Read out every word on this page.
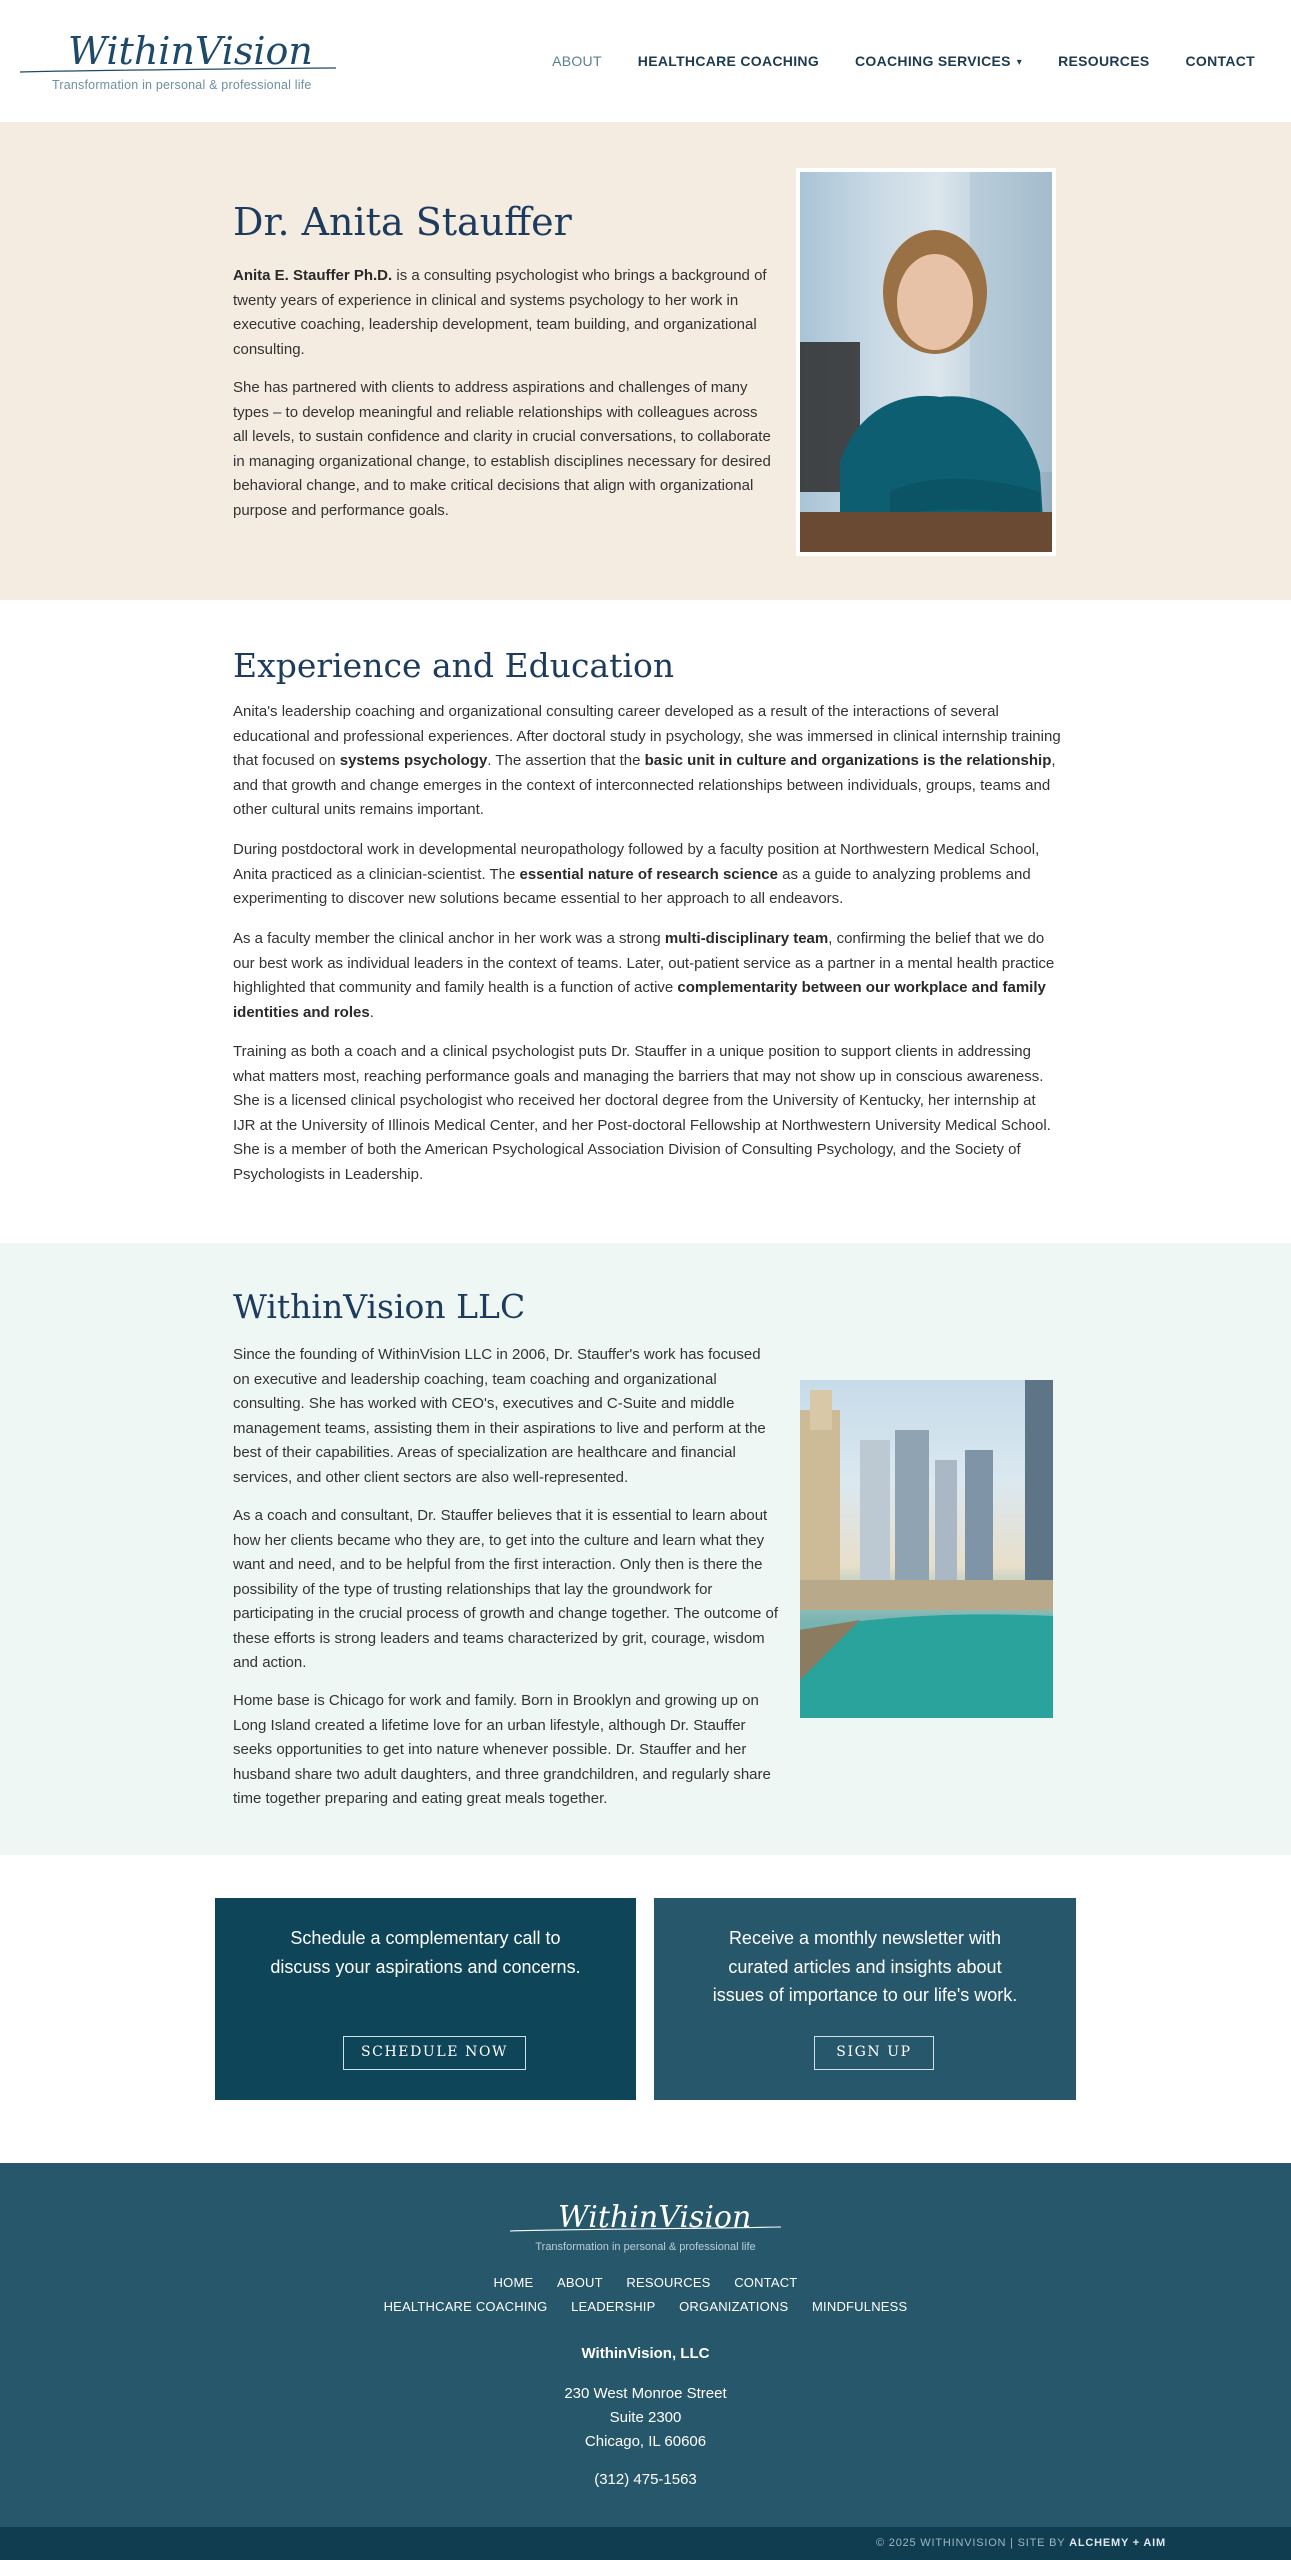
WithinVision
Transformation in personal & professional life
ABOUT	HEALTHCARE COACHING	COACHING SERVICES ▾	RESOURCES	CONTACT
Dr. Anita Stauffer

Anita E. Stauffer Ph.D. is a consulting psychologist who brings a background of twenty years of experience in clinical and systems psychology to her work in executive coaching, leadership development, team building, and organizational consulting.

She has partnered with clients to address aspirations and challenges of many types – to develop meaningful and reliable relationships with colleagues across all levels, to sustain confidence and clarity in crucial conversations, to collaborate in managing organizational change, to establish disciplines necessary for desired behavioral change, and to make critical decisions that align with organizational purpose and performance goals.

Experience and Education

Anita's leadership coaching and organizational consulting career developed as a result of the interactions of several educational and professional experiences. After doctoral study in psychology, she was immersed in clinical internship training that focused on systems psychology. The assertion that the basic unit in culture and organizations is the relationship, and that growth and change emerges in the context of interconnected relationships between individuals, groups, teams and other cultural units remains important.

During postdoctoral work in developmental neuropathology followed by a faculty position at Northwestern Medical School, Anita practiced as a clinician-scientist. The essential nature of research science as a guide to analyzing problems and experimenting to discover new solutions became essential to her approach to all endeavors.

As a faculty member the clinical anchor in her work was a strong multi-disciplinary team, confirming the belief that we do our best work as individual leaders in the context of teams. Later, out-patient service as a partner in a mental health practice highlighted that community and family health is a function of active complementarity between our workplace and family identities and roles.

Training as both a coach and a clinical psychologist puts Dr. Stauffer in a unique position to support clients in addressing what matters most, reaching performance goals and managing the barriers that may not show up in conscious awareness. She is a licensed clinical psychologist who received her doctoral degree from the University of Kentucky, her internship at IJR at the University of Illinois Medical Center, and her Post-doctoral Fellowship at Northwestern University Medical School. She is a member of both the American Psychological Association Division of Consulting Psychology, and the Society of Psychologists in Leadership.

WithinVision LLC

Since the founding of WithinVision LLC in 2006, Dr. Stauffer's work has focused on executive and leadership coaching, team coaching and organizational consulting. She has worked with CEO's, executives and C-Suite and middle management teams, assisting them in their aspirations to live and perform at the best of their capabilities. Areas of specialization are healthcare and financial services, and other client sectors are also well-represented.

As a coach and consultant, Dr. Stauffer believes that it is essential to learn about how her clients became who they are, to get into the culture and learn what they want and need, and to be helpful from the first interaction. Only then is there the possibility of the type of trusting relationships that lay the groundwork for participating in the crucial process of growth and change together. The outcome of these efforts is strong leaders and teams characterized by grit, courage, wisdom and action.

Home base is Chicago for work and family. Born in Brooklyn and growing up on Long Island created a lifetime love for an urban lifestyle, although Dr. Stauffer seeks opportunities to get into nature whenever possible. Dr. Stauffer and her husband share two adult daughters, and three grandchildren, and regularly share time together preparing and eating great meals together.

Schedule a complementary call to
discuss your aspirations and concerns.
SCHEDULE NOW
Receive a monthly newsletter with
curated articles and insights about
issues of importance to our life's work.
SIGN UP
WithinVision
Transformation in personal & professional life
HOME ABOUT RESOURCES CONTACT
HEALTHCARE COACHING LEADERSHIP ORGANIZATIONS MINDFULNESS
WithinVision, LLC
230 West Monroe Street
Suite 2300
Chicago, IL 60606
(312) 475-1563
© 2025 WITHINVISION | SITE BY ALCHEMY + AIM
